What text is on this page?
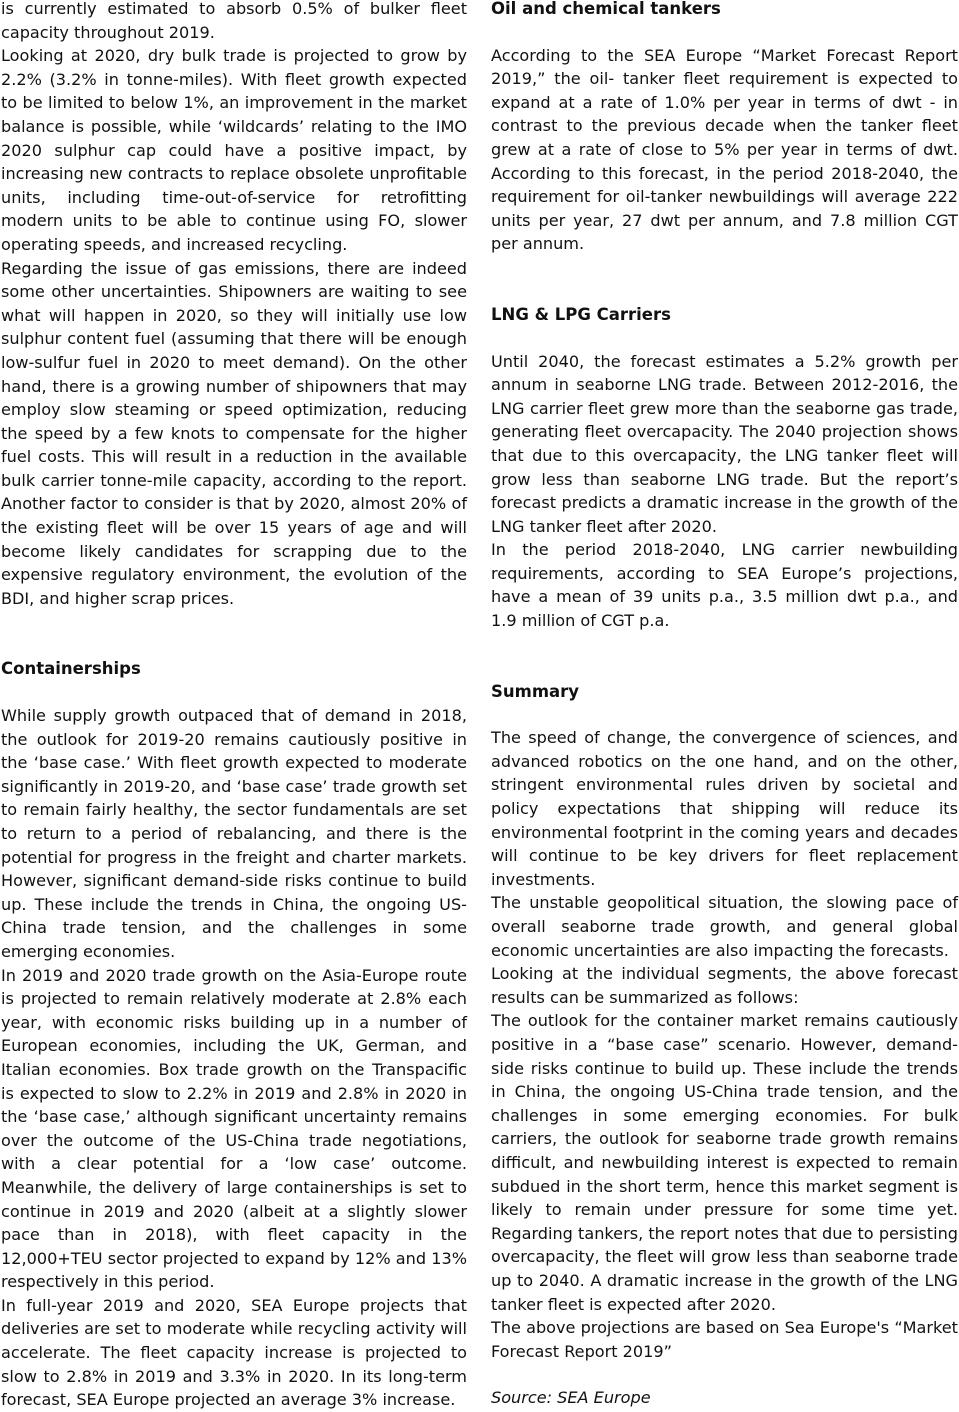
is currently estimated to absorb 0.5% of bulker fleet capacity throughout 2019.

Looking at 2020, dry bulk trade is projected to grow by 2.2% (3.2% in tonne-miles). With fleet growth expected to be limited to below 1%, an improvement in the market balance is possible, while ‘wildcards’ relating to the IMO 2020 sulphur cap could have a positive impact, by increasing new contracts to replace obsolete unprofitable units, including time-out-of-service for retrofitting modern units to be able to continue using FO, slower operating speeds, and increased recycling.

Regarding the issue of gas emissions, there are indeed some other uncertainties. Shipowners are waiting to see what will happen in 2020, so they will initially use low sulphur content fuel (assuming that there will be enough low-sulfur fuel in 2020 to meet demand). On the other hand, there is a growing number of shipowners that may employ slow steaming or speed optimization, reducing the speed by a few knots to compensate for the higher fuel costs. This will result in a reduction in the available bulk carrier tonne-mile capacity, according to the report. Another factor to consider is that by 2020, almost 20% of the existing fleet will be over 15 years of age and will become likely candidates for scrapping due to the expensive regulatory environment, the evolution of the BDI, and higher scrap prices.

Containerships

While supply growth outpaced that of demand in 2018, the outlook for 2019-20 remains cautiously positive in the ‘base case.’ With fleet growth expected to moderate significantly in 2019-20, and ‘base case’ trade growth set to remain fairly healthy, the sector fundamentals are set to return to a period of rebalancing, and there is the potential for progress in the freight and charter markets. However, significant demand-side risks continue to build up. These include the trends in China, the ongoing US-China trade tension, and the challenges in some emerging economies.

In 2019 and 2020 trade growth on the Asia-Europe route is projected to remain relatively moderate at 2.8% each year, with economic risks building up in a number of European economies, including the UK, German, and Italian economies. Box trade growth on the Transpacific is expected to slow to 2.2% in 2019 and 2.8% in 2020 in the ‘base case,’ although significant uncertainty remains over the outcome of the US-China trade negotiations, with a clear potential for a ‘low case’ outcome. Meanwhile, the delivery of large containerships is set to continue in 2019 and 2020 (albeit at a slightly slower pace than in 2018), with fleet capacity in the 12,000+TEU sector projected to expand by 12% and 13% respectively in this period.

In full-year 2019 and 2020, SEA Europe projects that deliveries are set to moderate while recycling activity will accelerate. The fleet capacity increase is projected to slow to 2.8% in 2019 and 3.3% in 2020. In its long-term forecast, SEA Europe projected an average 3% increase.

Oil and chemical tankers

According to the SEA Europe “Market Forecast Report 2019,” the oil- tanker fleet requirement is expected to expand at a rate of 1.0% per year in terms of dwt - in contrast to the previous decade when the tanker fleet grew at a rate of close to 5% per year in terms of dwt. According to this forecast, in the period 2018-2040, the requirement for oil-tanker newbuildings will average 222 units per year, 27 dwt per annum, and 7.8 million CGT per annum.

LNG & LPG Carriers

Until 2040, the forecast estimates a 5.2% growth per annum in seaborne LNG trade. Between 2012-2016, the LNG carrier fleet grew more than the seaborne gas trade, generating fleet overcapacity. The 2040 projection shows that due to this overcapacity, the LNG tanker fleet will grow less than seaborne LNG trade. But the report’s forecast predicts a dramatic increase in the growth of the LNG tanker fleet after 2020.

In the period 2018-2040, LNG carrier newbuilding requirements, according to SEA Europe’s projections, have a mean of 39 units p.a., 3.5 million dwt p.a., and 1.9 million of CGT p.a.

Summary

The speed of change, the convergence of sciences, and advanced robotics on the one hand, and on the other, stringent environmental rules driven by societal and policy expectations that shipping will reduce its environmental footprint in the coming years and decades will continue to be key drivers for fleet replacement investments.

The unstable geopolitical situation, the slowing pace of overall seaborne trade growth, and general global economic uncertainties are also impacting the forecasts.

Looking at the individual segments, the above forecast results can be summarized as follows:

The outlook for the container market remains cautiously positive in a “base case” scenario. However, demand-side risks continue to build up. These include the trends in China, the ongoing US-China trade tension, and the challenges in some emerging economies. For bulk carriers, the outlook for seaborne trade growth remains difficult, and newbuilding interest is expected to remain subdued in the short term, hence this market segment is likely to remain under pressure for some time yet. Regarding tankers, the report notes that due to persisting overcapacity, the fleet will grow less than seaborne trade up to 2040. A dramatic increase in the growth of the LNG tanker fleet is expected after 2020.

The above projections are based on Sea Europe's “Market Forecast Report 2019”

Source: SEA Europe
